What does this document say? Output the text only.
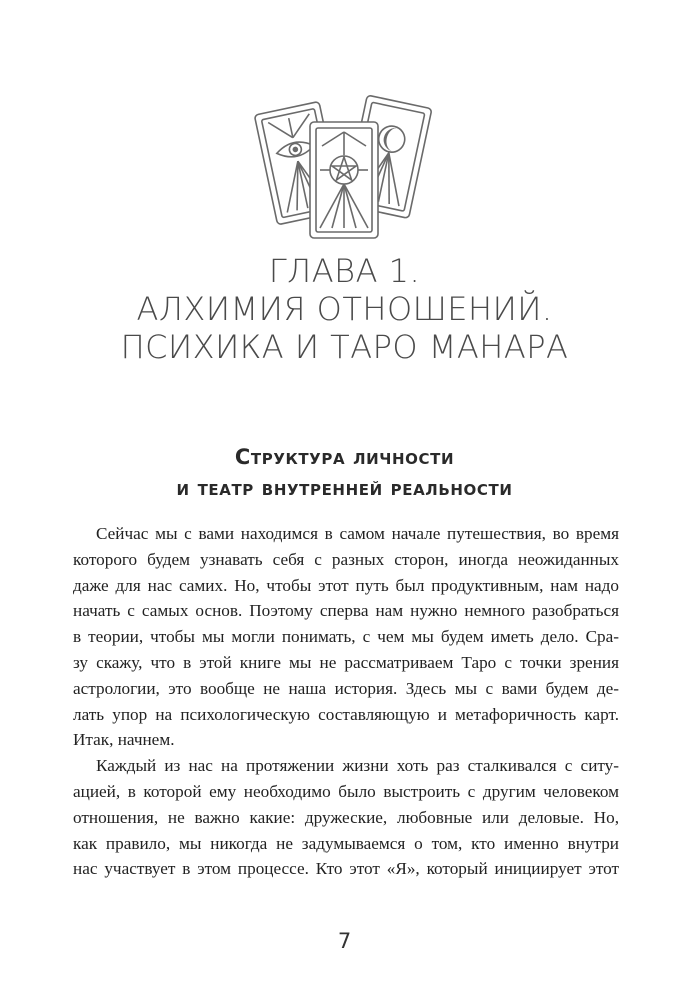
ГЛАВА 1.
АЛХИМИЯ ОТНОШЕНИЙ.
ПСИХИКА И ТАРО МАНАРА
Структура личности
и театр внутренней реальности
Сейчас мы с вами находимся в самом начале путешествия, во время
которого будем узнавать себя с разных сторон, иногда неожиданных
даже для нас самих. Но, чтобы этот путь был продуктивным, нам надо
начать с самых основ. Поэтому сперва нам нужно немного разобраться
в теории, чтобы мы могли понимать, с чем мы будем иметь дело. Сра-
зу скажу, что в этой книге мы не рассматриваем Таро с точки зрения
астрологии, это вообще не наша история. Здесь мы с вами будем де-
лать упор на психологическую составляющую и метафоричность карт.
Итак, начнем.
Каждый из нас на протяжении жизни хоть раз сталкивался с ситу-
ацией, в которой ему необходимо было выстроить с другим человеком
отношения, не важно какие: дружеские, любовные или деловые. Но,
как правило, мы никогда не задумываемся о том, кто именно внутри
нас участвует в этом процессе. Кто этот «Я», который инициирует этот
7
